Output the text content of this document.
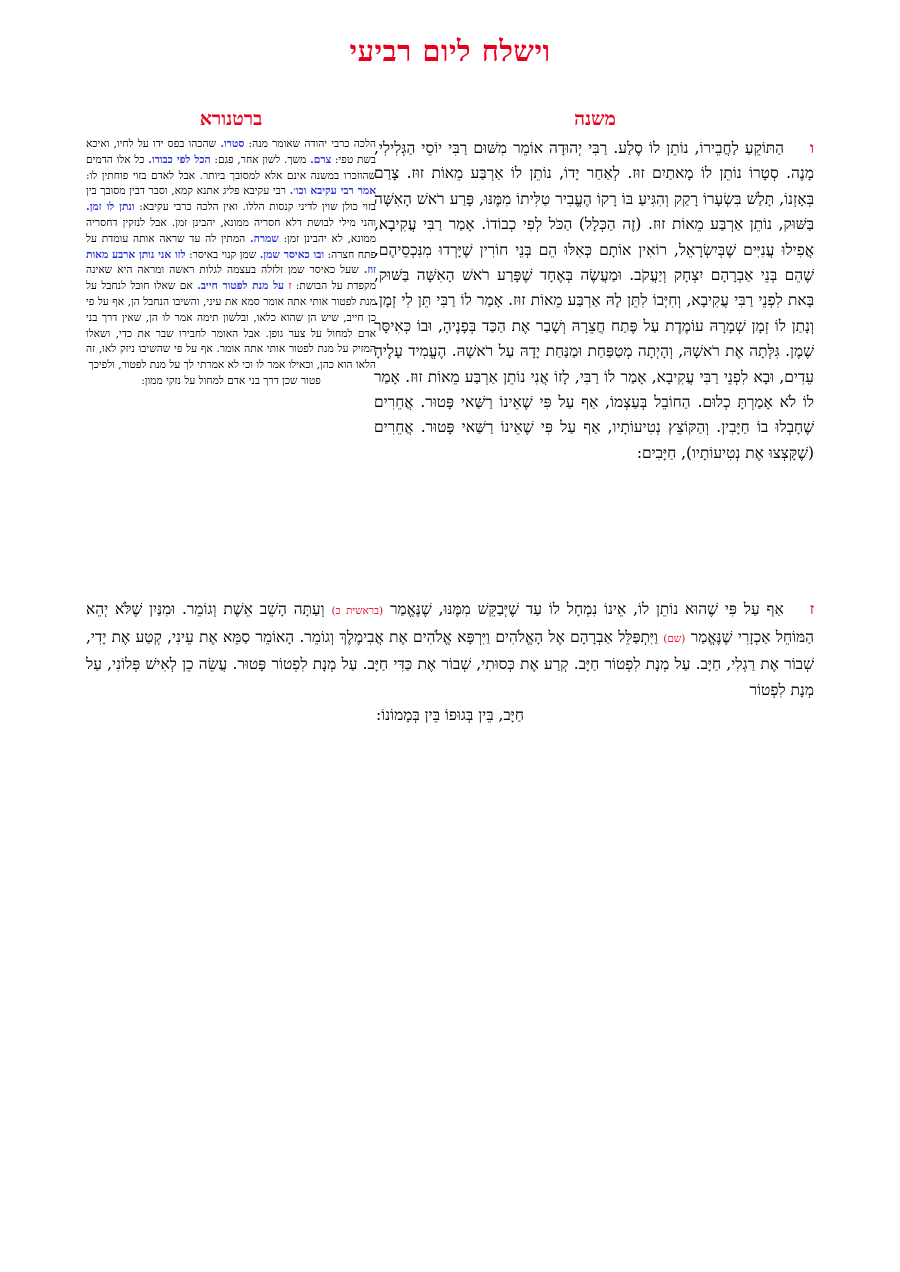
וישלח ליום רביעי
משנה
ברטנורא
והַתּוֹקֵעַ לַחֲבֵירוֹ, נוֹתֵן לוֹ סֶלַע. רַבִּי יְהוּדָה אוֹמֵר מִשּׁוּם רַבִּי יוֹסֵי הַגְּלִילִי, מָנֶה. סְטָרוֹ נוֹתֵן לוֹ מָאתַיִם זוּז. לְאַחַר יָדוֹ, נוֹתֵן לוֹ אַרְבַּע מֵאוֹת זוּז. צָרַם בְּאָזְנוֹ, תָּלַשׁ בִּשְׂעָרוֹ רָקַק וְהִגִּיעַ בּוֹ רָקוֹ הֶעֱבִיר טַלִּיתוֹ מִמֶּנּוּ, פָּרַע רֹאשׁ הָאִשָּׁה בַּשּׁוּק, נוֹתֵן אַרְבַּע מֵאוֹת זוּז. (זֶה הַכְּלָל) הַכֹּל לְפִי כְבוֹדוֹ. אָמַר רַבִּי עֲקִיבָא, אֲפִילוּ עֲנִיִּים שֶׁבְּיִשְׂרָאֵל, רוֹאִין אוֹתָם כְּאִלּוּ הֵם בְּנֵי חוֹרִין שֶׁיָּרְדוּ מִנִּכְסֵיהֶם, שֶׁהֵם בְּנֵי אַבְרָהָם יִצְחָק וְיַעֲקֹב. וּמַעֲשֶׂה בְּאֶחָד שֶׁפָּרַע רֹאשׁ הָאִשָּׁה בַּשּׁוּק, בָּאת לִפְנֵי רַבִּי עֲקִיבָא, וְחִיְּבוֹ לִתֵּן לָהּ אַרְבַּע מֵאוֹת זוּז. אָמַר לוֹ רַבִּי תֵּן לִי זְמָן. וְנָתַן לוֹ זְמָן שְׁמָרָהּ עוֹמֶדֶת עַל פֶּתַח חֲצֵרָהּ וְשָׁבַר אֶת הַכַּד בְּפָנֶיהָ, וּבוֹ כְּאִיסָּר שֶׁמֶן. גִּלְּתָה אֶת רֹאשָׁהּ, וְהָיְתָה מְטַפַּחַת וּמַנַּחַת יָדָהּ עַל רֹאשָׁהּ. הֶעֱמִיד עָלֶיהָ עֵדִים, וּבָא לִפְנֵי רַבִּי עֲקִיבָא, אָמַר לוֹ רַבִּי, לָזוֹ אֲנִי נוֹתֵן אַרְבַּע מֵאוֹת זוּז. אָמַר לוֹ לֹא אָמַרְתָּ כְלוּם. הַחוֹבֵל בְּעַצְמוֹ, אַף עַל פִּי שֶׁאֵינוֹ רַשַּׁאי פָּטוּר. אֲחֵרִים שֶׁחָבְלוּ בוֹ חַיָּבִין. וְהַקּוֹצֵץ נְטִיעוֹתָיו, אַף עַל פִּי שֶׁאֵינוֹ רַשַּׁאי פָּטוּר. אֲחֵרִים (שֶׁקָּצְצוּ אֶת נְטִיעוֹתָיו), חַיָּבִים:
הלכה כרבי יהודה שאומר מנה: סטרו. שהכהו בפס ידו על לחיו, ואיכא בשת טפי: צרם. משך. לשון אחר, פגם: הכל לפי כבודו. כל אלו הדמים שהוזכרו במשנה אינם אלא למסובך ביותר. אבל לאדם בזוי פוחתין לו: אמר רבי עקיבא וכו׳. רבי עקיבא פליג אתנא קמא, וסבר דבין מסובך בין בזוי כולן שוין לדיני קנסות הללו. ואין הלכה כרבי עקיבא: ונתן לו זמן. והני מילי לבושת דלא חסריה ממונא, יהבינן זמן. אבל לנזקין דחסריה ממונא, לא יהבינן זמן: שמרה. המתין לה עד שראה אותה עומדת על פתח חצרה: ובו כאיסר שמן. שמן קנוי באיסר: לזו אני נותן ארבע מאות זוז. שעל כאיסר שמן זלזלה בעצמה לגלות ראשה ומראה היא שאינה מקפדת על הבושת: ז על מנת לפטור חייב. אם שאלו חובל לנחבל על מנת לפטור אותי אתה אומר סמא את עיני, והשיבו הנחבל הן, אף על פי כן חייב, שיש הן שהוא כלאו, ובלשון תימה אמר לו הן, שאין דרך בני אדם למחול על צער גופן. אבל האומר לחבירו שבר את כדי, ושאלו המזיק על מנת לפטור אותי אתה אומר. אף על פי שהשיבו ניזק לאו, זה הלאו הוא כהן, וכאילו אמר לו וכי לא אמרתי לך על מנת לפטור, ולפיכך
פטור שכן דרך בני אדם למחול על נזקי ממון:
זאַף עַל פִּי שֶׁהוּא נוֹתֵן לוֹ, אֵינוֹ נִמְחָל לוֹ עַד שֶׁיְּבַקֵּשׁ מִמֶּנּוּ, שֶׁנֶּאֱמַר (בראשית כ) וְעַתָּה הָשֵׁב אֵשֶׁת וְגוֹמֵר. וּמִנַּיִן שֶׁלֹּא יְהֵא הַמּוֹחֵל אַכְזָרִי שֶׁנֶּאֱמַר (שם) וַיִּתְפַּלֵּל אַבְרָהָם אֶל הָאֱלֹהִים וַיִּרְפָּא אֱלֹהִים אֶת אֲבִימֶלֶךְ וְגוֹמֵר. הָאוֹמֵר סַמֵּא אֶת עֵינִי, קְטַע אֶת יָדִי, שְׁבוֹר אֶת רַגְלִי, חַיָּב. עַל מְנָת לִפְטוֹר חַיָּב. קְרַע אֶת כְּסוּתִי, שְׁבוֹר אֶת כַּדִּי חַיָּב. עַל מְנָת לִפְטוֹר פָּטוּר. עֲשֵׂה כֵן לְאִישׁ פְּלוֹנִי, עַל מְנָת לִפְטוֹר
חַיָּב, בֵּין בְּגוּפוֹ בֵּין בְּמָמוֹנוֹ:
